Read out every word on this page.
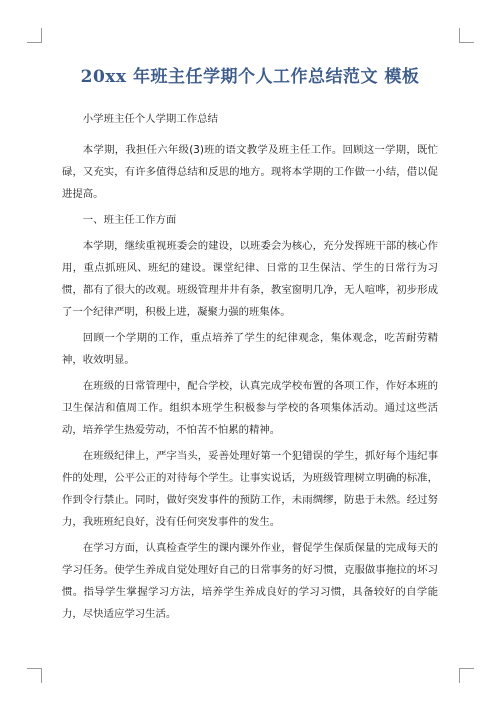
20xx 年班主任学期个人工作总结范文 模板

小学班主任个人学期工作总结

本学期，我担任六年级(3)班的语文教学及班主任工作。回顾这一学期，既忙碌，又充实，有许多值得总结和反思的地方。现将本学期的工作做一小结，借以促进提高。

一、班主任工作方面

本学期，继续重视班委会的建设，以班委会为核心，充分发挥班干部的核心作用，重点抓班风、班纪的建设。课堂纪律、日常的卫生保洁、学生的日常行为习惯，都有了很大的改观。班级管理井井有条，教室窗明几净，无人喧哗，初步形成了一个纪律严明，积极上进，凝聚力强的班集体。

回顾一个学期的工作，重点培养了学生的纪律观念，集体观念，吃苦耐劳精神，收效明显。

在班级的日常管理中，配合学校，认真完成学校布置的各项工作，作好本班的卫生保洁和值周工作。组织本班学生积极参与学校的各项集体活动。通过这些活动，培养学生热爱劳动，不怕苦不怕累的精神。

在班级纪律上，严字当头，妥善处理好第一个犯错误的学生，抓好每个违纪事件的处理，公平公正的对待每个学生。让事实说话，为班级管理树立明确的标准，作到令行禁止。同时，做好突发事件的预防工作，未雨绸缪，防患于未然。经过努力，我班班纪良好，没有任何突发事件的发生。

在学习方面，认真检查学生的课内课外作业，督促学生保质保量的完成每天的学习任务。使学生养成自觉处理好自己的日常事务的好习惯，克服做事拖拉的坏习惯。指导学生掌握学习方法，培养学生养成良好的学习习惯，具备较好的自学能力，尽快适应学习生活。
